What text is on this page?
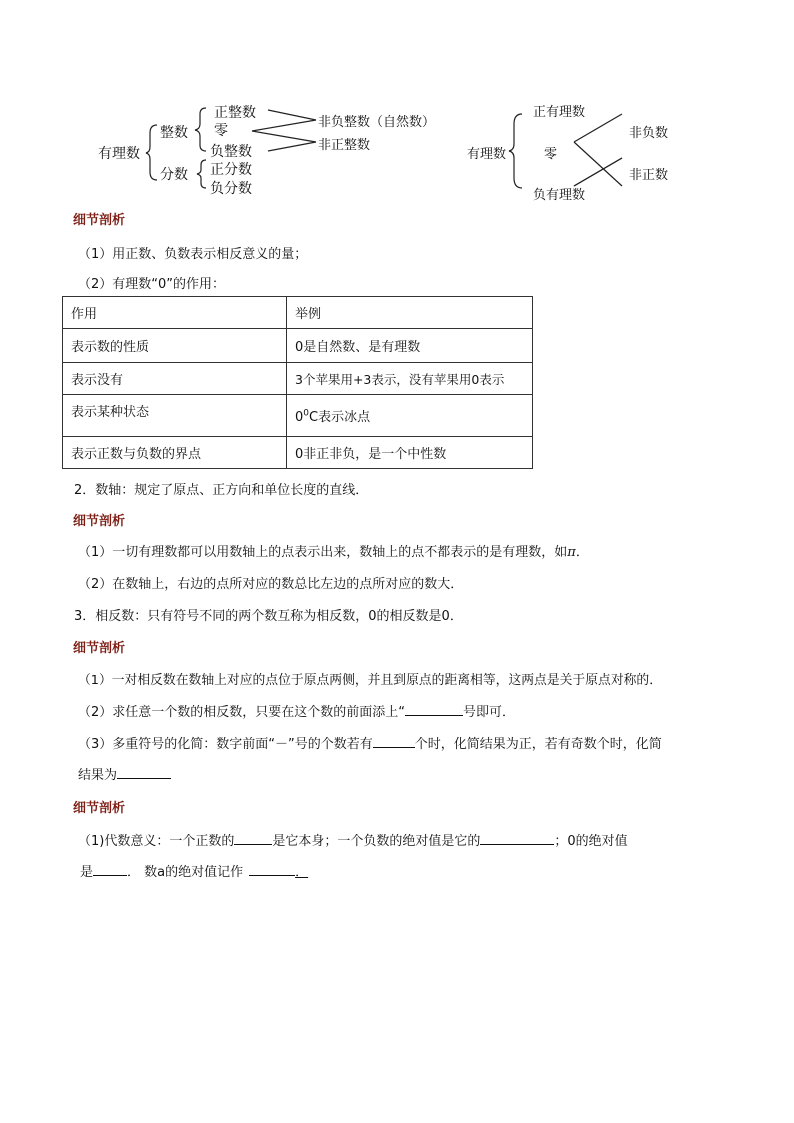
有理数
整数
分数
正整数
零
负整数
非负整数（自然数）
非正整数
正分数
负分数
有理数
正有理数
零
负有理数
非负数
非正数
细节剖析
（1）用正数、负数表示相反意义的量；
（2）有理数“0”的作用：
作用	举例
表示数的性质	0是自然数、是有理数
表示没有	3个苹果用+3表示，没有苹果用0表示
表示某种状态	$0^0C$表示冰点
表示正数与负数的界点	0非正非负，是一个中性数
2．数轴：规定了原点、正方向和单位长度的直线．
细节剖析
（1）一切有理数都可以用数轴上的点表示出来，数轴上的点不都表示的是有理数，如π．
（2）在数轴上，右边的点所对应的数总比左边的点所对应的数大．
3．相反数：只有符号不同的两个数互称为相反数，0的相反数是0．
细节剖析
（1）一对相反数在数轴上对应的点位于原点两侧，并且到原点的距离相等，这两点是关于原点对称的．
（2）求任意一个数的相反数，只要在这个数的前面添上“	号即可．
（3）多重符号的化简：数字前面“－”号的个数若有	个时，化简结果为正，若有奇数个时，化简
结果为
细节剖析
（1)代数意义：一个正数的	是它本身；一个负数的绝对值是它的	；0的绝对值
是	． 数a的绝对值记作	．
